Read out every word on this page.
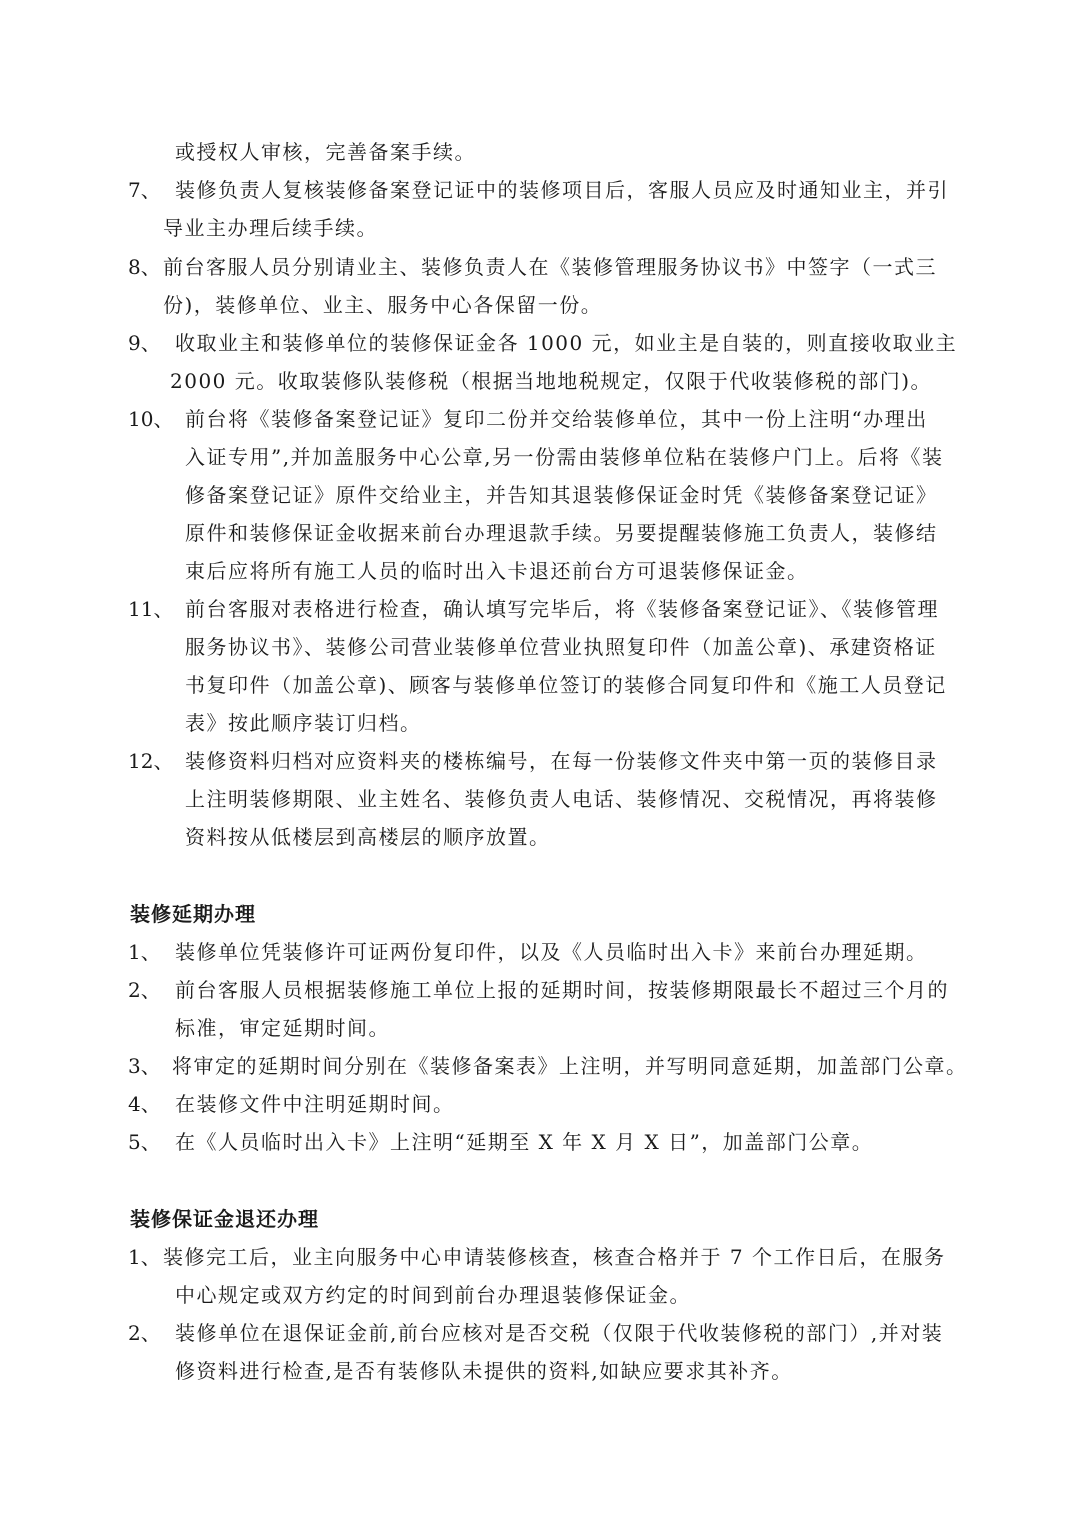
或授权人审核，完善备案手续。
7、 装修负责人复核装修备案登记证中的装修项目后，客服人员应及时通知业主，并引
导业主办理后续手续。
8、 前台客服人员分别请业主、装修负责人在《装修管理服务协议书》中签字（一式三
份)，装修单位、业主、服务中心各保留一份。
9、 收取业主和装修单位的装修保证金各 1000 元，如业主是自装的，则直接收取业主
2000 元。收取装修队装修税（根据当地地税规定，仅限于代收装修税的部门)。
10、 前台将《装修备案登记证》复印二份并交给装修单位，其中一份上注明“办理出
入证专用”,并加盖服务中心公章,另一份需由装修单位粘在装修户门上。后将《装
修备案登记证》原件交给业主，并告知其退装修保证金时凭《装修备案登记证》
原件和装修保证金收据来前台办理退款手续。另要提醒装修施工负责人，装修结
束后应将所有施工人员的临时出入卡退还前台方可退装修保证金。
11、 前台客服对表格进行检查，确认填写完毕后，将《装修备案登记证》、《装修管理
服务协议书》、装修公司营业装修单位营业执照复印件（加盖公章)、承建资格证
书复印件（加盖公章)、顾客与装修单位签订的装修合同复印件和《施工人员登记
表》按此顺序装订归档。
12、 装修资料归档对应资料夹的楼栋编号，在每一份装修文件夹中第一页的装修目录
上注明装修期限、业主姓名、装修负责人电话、装修情况、交税情况，再将装修
资料按从低楼层到高楼层的顺序放置。
装修延期办理
1、 装修单位凭装修许可证两份复印件，以及《人员临时出入卡》来前台办理延期。
2、 前台客服人员根据装修施工单位上报的延期时间，按装修期限最长不超过三个月的
标准，审定延期时间。
3、 将审定的延期时间分别在《装修备案表》上注明，并写明同意延期，加盖部门公章。
4、 在装修文件中注明延期时间。
5、 在《人员临时出入卡》上注明“延期至 X 年 X 月 X 日”，加盖部门公章。
装修保证金退还办理
1、 装修完工后，业主向服务中心申请装修核查，核查合格并于 7 个工作日后，在服务
中心规定或双方约定的时间到前台办理退装修保证金。
2、 装修单位在退保证金前,前台应核对是否交税（仅限于代收装修税的部门）,并对装
修资料进行检查,是否有装修队未提供的资料,如缺应要求其补齐。
